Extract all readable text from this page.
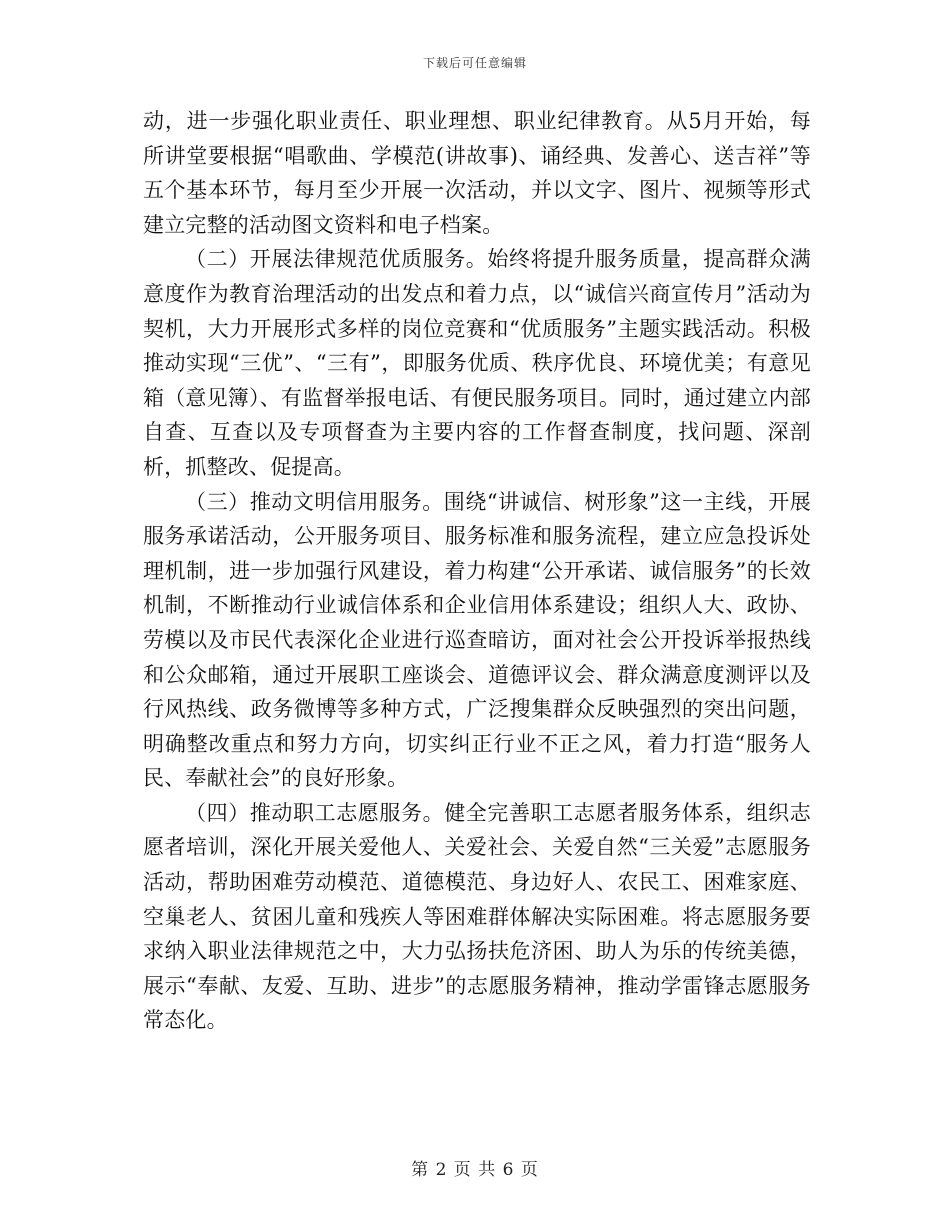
下载后可任意编辑

动，进一步强化职业责任、职业理想、职业纪律教育。从5月开始，每所讲堂要根据“唱歌曲、学模范(讲故事)、诵经典、发善心、送吉祥”等五个基本环节，每月至少开展一次活动，并以文字、图片、视频等形式建立完整的活动图文资料和电子档案。

（二）开展法律规范优质服务。始终将提升服务质量，提高群众满意度作为教育治理活动的出发点和着力点，以“诚信兴商宣传月”活动为契机，大力开展形式多样的岗位竞赛和“优质服务”主题实践活动。积极推动实现“三优”、“三有”，即服务优质、秩序优良、环境优美；有意见箱（意见簿）、有监督举报电话、有便民服务项目。同时，通过建立内部自查、互查以及专项督查为主要内容的工作督查制度，找问题、深剖析，抓整改、促提高。

（三）推动文明信用服务。围绕“讲诚信、树形象”这一主线，开展服务承诺活动，公开服务项目、服务标准和服务流程，建立应急投诉处理机制，进一步加强行风建设，着力构建“公开承诺、诚信服务”的长效机制，不断推动行业诚信体系和企业信用体系建设；组织人大、政协、劳模以及市民代表深化企业进行巡查暗访，面对社会公开投诉举报热线和公众邮箱，通过开展职工座谈会、道德评议会、群众满意度测评以及行风热线、政务微博等多种方式，广泛搜集群众反映强烈的突出问题，明确整改重点和努力方向，切实纠正行业不正之风，着力打造“服务人民、奉献社会”的良好形象。

（四）推动职工志愿服务。健全完善职工志愿者服务体系，组织志愿者培训，深化开展关爱他人、关爱社会、关爱自然“三关爱”志愿服务活动，帮助困难劳动模范、道德模范、身边好人、农民工、困难家庭、空巢老人、贫困儿童和残疾人等困难群体解决实际困难。将志愿服务要求纳入职业法律规范之中，大力弘扬扶危济困、助人为乐的传统美德，展示“奉献、友爱、互助、进步”的志愿服务精神，推动学雷锋志愿服务常态化。

第 2 页 共 6 页
